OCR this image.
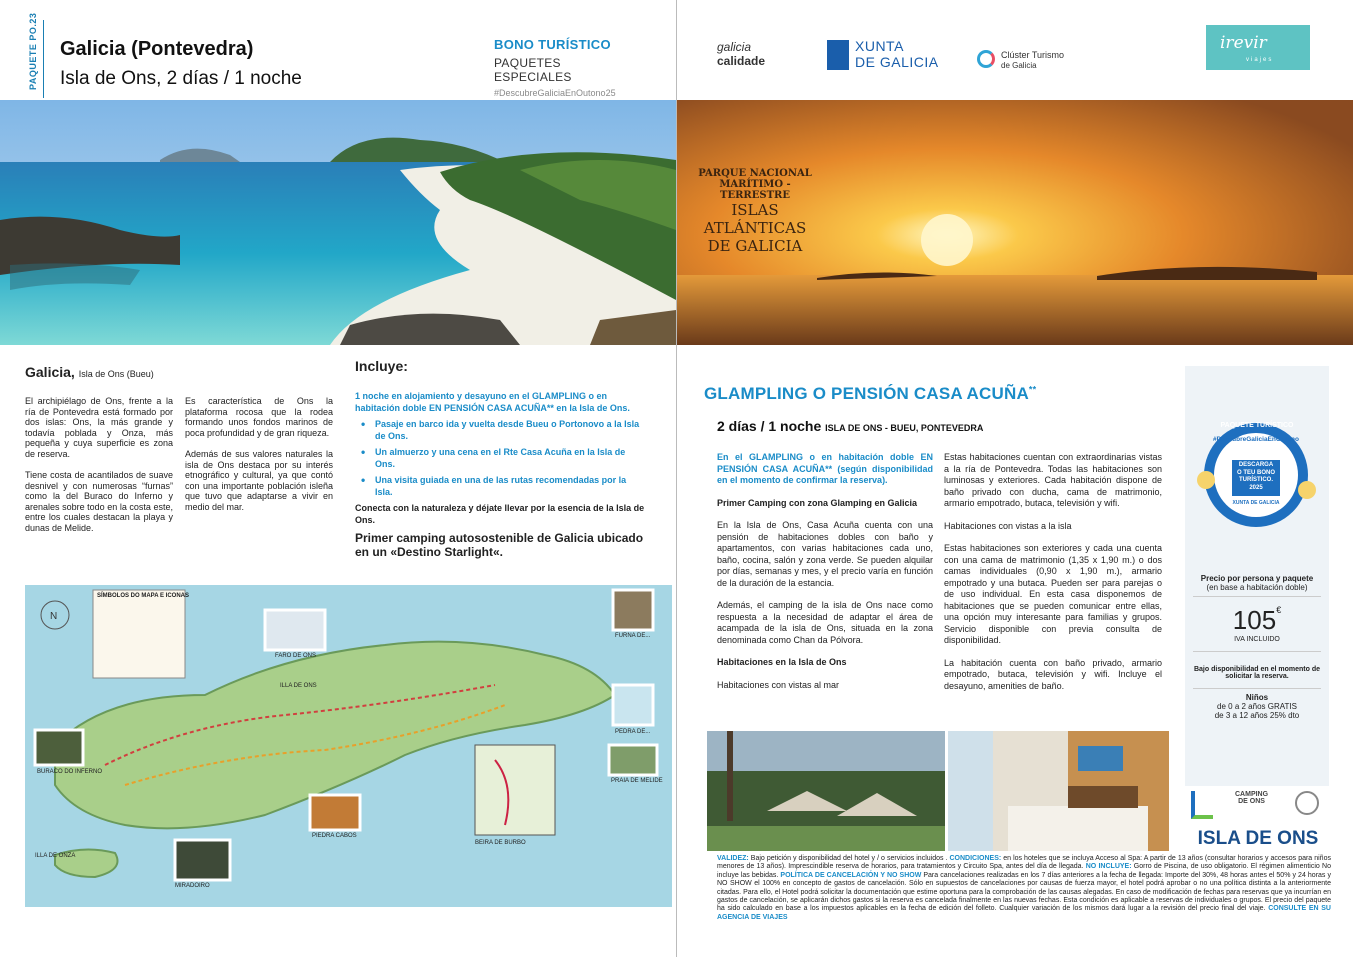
PAQUETE PO.23 Galicia (Pontevedra)
Isla de Ons, 2 días / 1 noche
BONO TURÍSTICO
PAQUETES ESPECIALES
#DescubreGaliciaEnOutono25
Galicia, Isla de Ons (Bueu)

El archipiélago de Ons, frente a la ría de Pontevedra está formado por dos islas: Ons, la más grande y todavía poblada y Onza, más pequeña y cuya superficie es zona de reserva.

Tiene costa de acantilados de suave desnivel y con numerosas “furnas” como la del Buraco do Inferno y arenales sobre todo en la costa este, entre los cuales destacan la playa y dunas de Melide.

Es característica de Ons la plataforma rocosa que la rodea formando unos fondos marinos de poca profundidad y de gran riqueza.

Además de sus valores naturales la isla de Ons destaca por su interés etnográfico y cultural, ya que contó con una importante población isleña que tuvo que adaptarse a vivir en medio del mar.

Incluye:
1 noche en alojamiento y desayuno en el GLAMPLING o en habitación doble EN PENSIÓN CASA ACUÑA** en la Isla de Ons.
• Pasaje en barco ida y vuelta desde Bueu o Portonovo a la Isla de Ons.
• Un almuerzo y una cena en el Rte Casa Acuña en la Isla de Ons.
• Una visita guiada en una de las rutas recomendadas por la Isla.
Conecta con la naturaleza y déjate llevar por la esencia de la Isla de Ons.
Primer camping autosostenible de Galicia ubicado en un «Destino Starlight«.
N
SÍMBOLOS DO MAPA E ICONAS
ILLA DE ONS
ILLA DE ONZA
FARO DE ONS
BURACO DO INFERNO
FURNA DE...
PEDRA DE...
PRAIA DE MELIDE
PIEDRA CABOS
MIRADOIRO
BEIRA DE BURBO
galicia
calidade
XUNTA
DE GALICIA	Clúster Turismo
de Galicia
irevir
viajes
PARQUE NACIONAL
MARÍTIMO - TERRESTRE
ISLAS ATLÁNTICAS
DE GALICIA
GLAMPLING O PENSIÓN CASA ACUÑA**
2 días / 1 noche ISLA DE ONS - BUEU, PONTEVEDRA

En el GLAMPLING o en habitación doble EN PENSIÓN CASA ACUÑA** (según disponibilidad en el momento de confirmar la reserva).

Primer Camping con zona Glamping en Galicia

En la Isla de Ons, Casa Acuña cuenta con una pensión de habitaciones dobles con baño y apartamentos, con varias habitaciones cada uno, baño, cocina, salón y zona verde. Se pueden alquilar por días, semanas y mes, y el precio varía en función de la duración de la estancia.

Además, el camping de la isla de Ons nace como respuesta a la necesidad de adaptar el área de acampada de la isla de Ons, situada en la zona denominada como Chan da Pólvora.

Habitaciones en la Isla de Ons

Habitaciones con vistas al mar

Estas habitaciones cuentan con extraordinarias vistas a la ría de Pontevedra. Todas las habitaciones son luminosas y exteriores. Cada habitación dispone de baño privado con ducha, cama de matrimonio, armario empotrado, butaca, televisión y wifi.

Habitaciones con vistas a la isla

Estas habitaciones son exteriores y cada una cuenta con una cama de matrimonio (1,35 x 1,90 m.) o dos camas individuales (0,90 x 1,90 m.), armario empotrado y una butaca. Pueden ser para parejas o de uso individual. En esta casa disponemos de habitaciones que se pueden comunicar entre ellas, una opción muy interesante para familias y grupos. Servicio disponible con previa consulta de disponibilidad.

La habitación cuenta con baño privado, armario empotrado, butaca, televisión y wifi. Incluye el desayuno, amenities de baño.

PAQUETE TURÍSTICO
#DescubreGaliciaEnOutono
DESCARGA
O TEU BONO
TURÍSTICO.
2025
XUNTA DE GALICIA
Precio por persona y paquete
(en base a habitación doble)
105€
IVA INCLUIDO
Bajo disponibilidad en el momento de solicitar la reserva.
Niños
de 0 a 2 años GRATIS
de 3 a 12 años 25% dto
CAMPING
DE ONS
ISLA DE ONS
VALIDEZ: Bajo petición y disponibilidad del hotel y / o servicios incluidos . CONDICIONES: en los hoteles que se incluya Acceso al Spa: A partir de 13 años (consultar horarios y accesos para niños menores de 13 años). Imprescindible reserva de horarios, para tratamientos y Circuito Spa, antes del día de llegada. NO INCLUYE: Gorro de Piscina, de uso obligatorio. El régimen alimenticio No incluye las bebidas. POLÍTICA DE CANCELACIÓN Y NO SHOW Para cancelaciones realizadas en los 7 días anteriores a la fecha de llegada: Importe del 30%, 48 horas antes el 50% y 24 horas y NO SHOW el 100% en concepto de gastos de cancelación. Sólo en supuestos de cancelaciones por causas de fuerza mayor, el hotel podrá aprobar o no una política distinta a la anteriormente citadas. Para ello, el Hotel podrá solicitar la documentación que estime oportuna para la comprobación de las causas alegadas. En caso de modificación de fechas para reservas que ya incurrían en gastos de cancelación, se aplicarán dichos gastos si la reserva es cancelada finalmente en las nuevas fechas. Esta condición es aplicable a reservas de individuales o grupos. El precio del paquete ha sido calculado en base a los impuestos aplicables en la fecha de edición del folleto. Cualquier variación de los mismos dará lugar a la revisión del precio final del viaje. CONSULTE EN SU AGENCIA DE VIAJES
